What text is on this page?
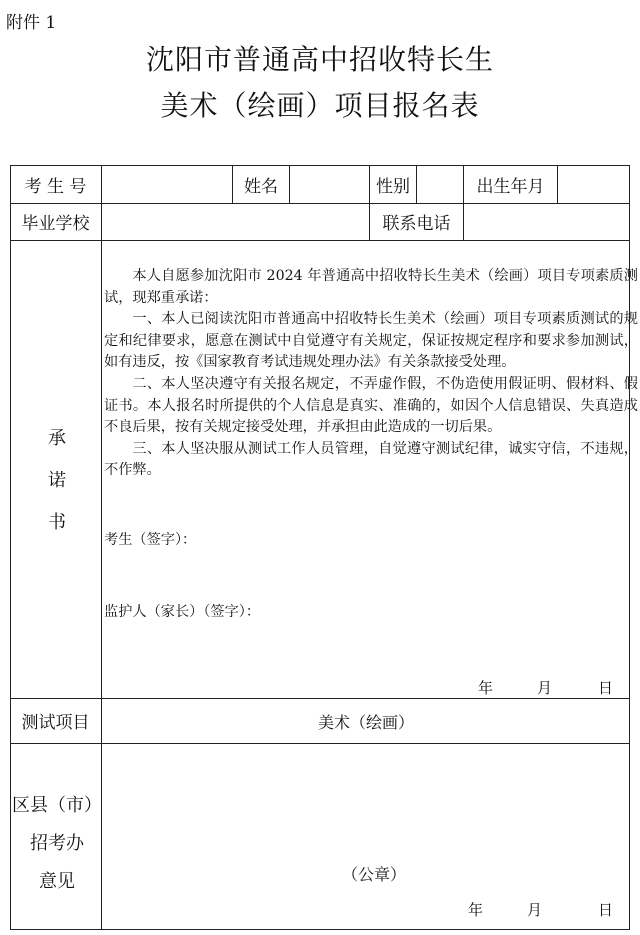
附件 1
沈阳市普通高中招收特长生
美术（绘画）项目报名表
考 生 号	姓名	性别	出生年月
毕业学校	联系电话
承
诺
书

本人自愿参加沈阳市 2024 年普通高中招收特长生美术（绘画）项目专项素质测试，现郑重承诺：

一、本人已阅读沈阳市普通高中招收特长生美术（绘画）项目专项素质测试的规定和纪律要求，愿意在测试中自觉遵守有关规定，保证按规定程序和要求参加测试，如有违反，按《国家教育考试违规处理办法》有关条款接受处理。

二、本人坚决遵守有关报名规定，不弄虚作假，不伪造使用假证明、假材料、假证书。本人报名时所提供的个人信息是真实、准确的，如因个人信息错误、失真造成不良后果，按有关规定接受处理，并承担由此造成的一切后果。

三、本人坚决服从测试工作人员管理，自觉遵守测试纪律，诚实守信，不违规，不作弊。

考生（签字）：
监护人（家长）（签字）：
年	月	日
测试项目	美术（绘画）
区县（市）
招考办
意见	（公章）
年	月	日
